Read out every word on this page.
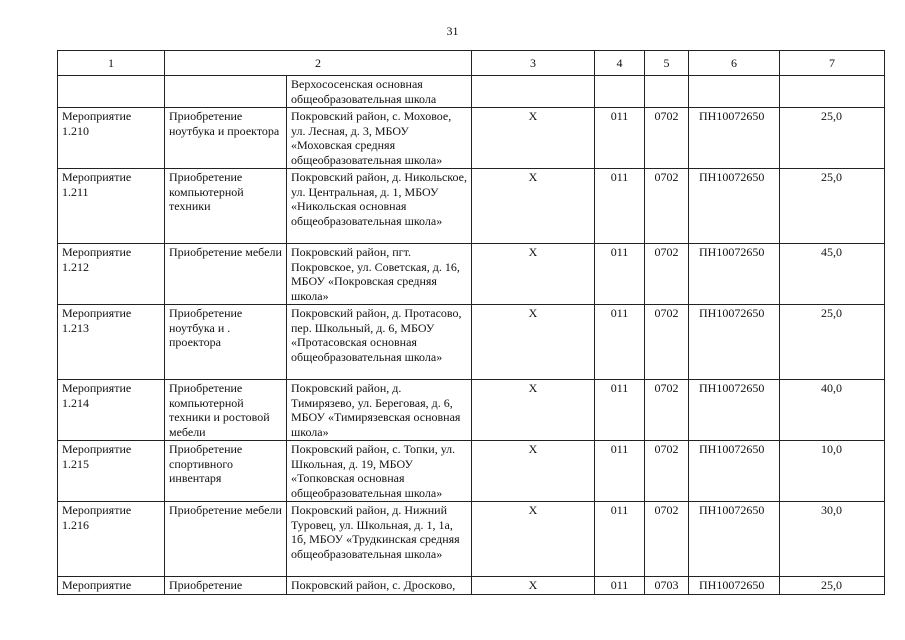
31
1	2		3	4	5	6	7
		Верхососенская основная общеобразовательная школа					
Мероприятие 1.210	Приобретение ноутбука и проектора	Покровский район, с. Моховое, ул. Лесная, д. 3, МБОУ «Моховская средняя общеобразовательная школа»	Х	011	0702	ПН10072650	25,0
Мероприятие 1.211	Приобретение компьютерной техники	Покровский район, д. Никольское, ул. Центральная, д. 1, МБОУ «Никольская основная общеобразовательная школа»	Х	011	0702	ПН10072650	25,0
Мероприятие 1.212	Приобретение мебели	Покровский район, пгт. Покровское, ул. Советская, д. 16, МБОУ «Покровская средняя школа»	Х	011	0702	ПН10072650	45,0
Мероприятие 1.213	Приобретение ноутбука и . проектора	Покровский район, д. Протасово, пер. Школьный, д. 6, МБОУ «Протасовская основная общеобразовательная школа»	Х	011	0702	ПН10072650	25,0
Мероприятие 1.214	Приобретение компьютерной техники и ростовой мебели	Покровский район, д. Тимирязево, ул. Береговая, д. 6, МБОУ «Тимирязевская основная школа»	Х	011	0702	ПН10072650	40,0
Мероприятие 1.215	Приобретение спортивного инвентаря	Покровский район, с. Топки, ул. Школьная, д. 19, МБОУ «Топковская основная общеобразовательная школа»	Х	011	0702	ПН10072650	10,0
Мероприятие 1.216	Приобретение мебели	Покровский район, д. Нижний Туровец, ул. Школьная, д. 1, 1а, 1б, МБОУ «Трудкинская средняя общеобразовательная школа»	Х	011	0702	ПН10072650	30,0
Мероприятие	Приобретение	Покровский район, с. Дросково,	Х	011	0703	ПН10072650	25,0
